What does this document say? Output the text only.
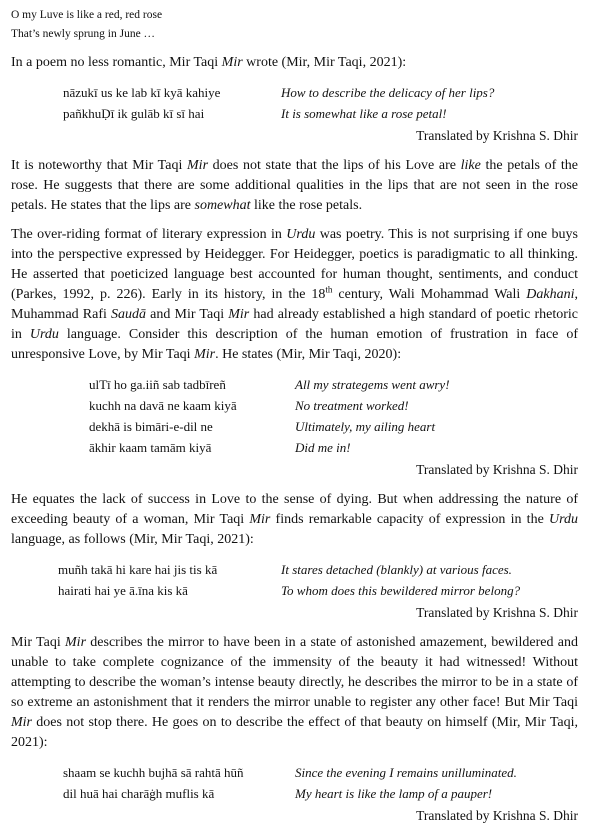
O my Luve is like a red, red rose
That’s newly sprung in June …

In a poem no less romantic, Mir Taqi Mir wrote (Mir, Mir Taqi, 2021):

nāzukī us ke lab kī kyā kahiye	How to describe the delicacy of her lips?
pañkhuḌī ik gulāb kī sī hai	It is somewhat like a rose petal!
Translated by Krishna S. Dhir

It is noteworthy that Mir Taqi Mir does not state that the lips of his Love are like the petals of the rose. He suggests that there are some additional qualities in the lips that are not seen in the rose petals. He states that the lips are somewhat like the rose petals.

The over-riding format of literary expression in Urdu was poetry. This is not surprising if one buys into the perspective expressed by Heidegger. For Heidegger, poetics is paradigmatic to all thinking. He asserted that poeticized language best accounted for human thought, sentiments, and conduct (Parkes, 1992, p. 226). Early in its history, in the 18th century, Wali Mohammad Wali Dakhani, Muhammad Rafi Saudā and Mir Taqi Mir had already established a high standard of poetic rhetoric in Urdu language. Consider this description of the human emotion of frustration in face of unresponsive Love, by Mir Taqi Mir. He states (Mir, Mir Taqi, 2020):

ulTī ho ga.iiñ sab tadbīreñ	All my strategems went awry!
kuchh na davā ne kaam kiyā	No treatment worked!
dekhā is bimāri-e-dil ne	Ultimately, my ailing heart
ākhir kaam tamām kiyā	Did me in!
Translated by Krishna S. Dhir

He equates the lack of success in Love to the sense of dying. But when addressing the nature of exceeding beauty of a woman, Mir Taqi Mir finds remarkable capacity of expression in the Urdu language, as follows (Mir, Mir Taqi, 2021):

muñh takā hi kare hai jis tis kā	It stares detached (blankly) at various faces.
hairati hai ye ā.īna kis kā	To whom does this bewildered mirror belong?
Translated by Krishna S. Dhir

Mir Taqi Mir describes the mirror to have been in a state of astonished amazement, bewildered and unable to take complete cognizance of the immensity of the beauty it had witnessed! Without attempting to describe the woman’s intense beauty directly, he describes the mirror to be in a state of so extreme an astonishment that it renders the mirror unable to register any other face! But Mir Taqi Mir does not stop there. He goes on to describe the effect of that beauty on himself (Mir, Mir Taqi, 2021):

shaam se kuchh bujhā sā rahtā hūñ	Since the evening I remains unilluminated.
dil huā hai charāġh muflis kā	My heart is like the lamp of a pauper!
Translated by Krishna S. Dhir
